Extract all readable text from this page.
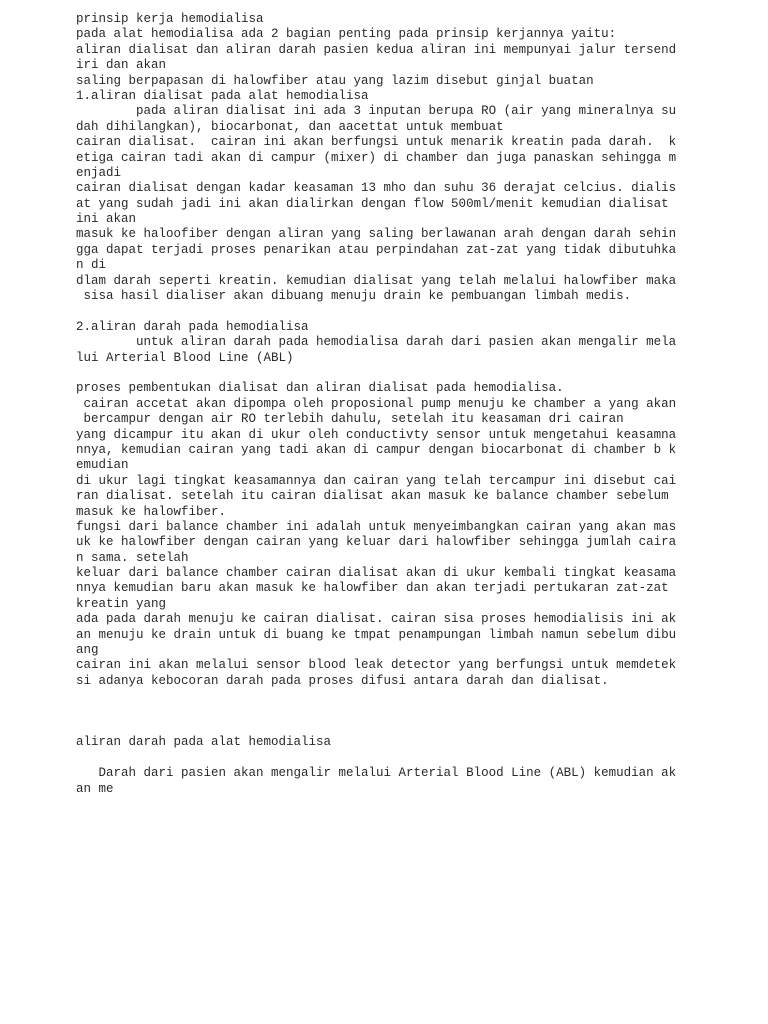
prinsip kerja hemodialisa
pada alat hemodialisa ada 2 bagian penting pada prinsip kerjannya yaitu:
aliran dialisat dan aliran darah pasien kedua aliran ini mempunyai jalur tersend
iri dan akan
saling berpapasan di halowfiber atau yang lazim disebut ginjal buatan
1.aliran dialisat pada alat hemodialisa
pada aliran dialisat ini ada 3 inputan berupa RO (air yang mineralnya su
dah dihilangkan), biocarbonat, dan aacettat untuk membuat
cairan dialisat.  cairan ini akan berfungsi untuk menarik kreatin pada darah.  k
etiga cairan tadi akan di campur (mixer) di chamber dan juga panaskan sehingga m
enjadi
cairan dialisat dengan kadar keasaman 13 mho dan suhu 36 derajat celcius. dialis
at yang sudah jadi ini akan dialirkan dengan flow 500ml/menit kemudian dialisat
ini akan
masuk ke haloofiber dengan aliran yang saling berlawanan arah dengan darah sehin
gga dapat terjadi proses penarikan atau perpindahan zat-zat yang tidak dibutuhka
n di
dlam darah seperti kreatin. kemudian dialisat yang telah melalui halowfiber maka
sisa hasil dialiser akan dibuang menuju drain ke pembuangan limbah medis.
2.aliran darah pada hemodialisa
untuk aliran darah pada hemodialisa darah dari pasien akan mengalir mela
lui Arterial Blood Line (ABL)
proses pembentukan dialisat dan aliran dialisat pada hemodialisa.
cairan accetat akan dipompa oleh proposional pump menuju ke chamber a yang akan
bercampur dengan air RO terlebih dahulu, setelah itu keasaman dri cairan
yang dicampur itu akan di ukur oleh conductivty sensor untuk mengetahui keasamna
nnya, kemudian cairan yang tadi akan di campur dengan biocarbonat di chamber b k
emudian
di ukur lagi tingkat keasamannya dan cairan yang telah tercampur ini disebut cai
ran dialisat. setelah itu cairan dialisat akan masuk ke balance chamber sebelum
masuk ke halowfiber.
fungsi dari balance chamber ini adalah untuk menyeimbangkan cairan yang akan mas
uk ke halowfiber dengan cairan yang keluar dari halowfiber sehingga jumlah caira
n sama. setelah
keluar dari balance chamber cairan dialisat akan di ukur kembali tingkat keasama
nnya kemudian baru akan masuk ke halowfiber dan akan terjadi pertukaran zat-zat
kreatin yang
ada pada darah menuju ke cairan dialisat. cairan sisa proses hemodialisis ini ak
an menuju ke drain untuk di buang ke tmpat penampungan limbah namun sebelum dibu
ang
cairan ini akan melalui sensor blood leak detector yang berfungsi untuk memdetek
si adanya kebocoran darah pada proses difusi antara darah dan dialisat.
aliran darah pada alat hemodialisa
Darah dari pasien akan mengalir melalui Arterial Blood Line (ABL) kemudian ak
an me
